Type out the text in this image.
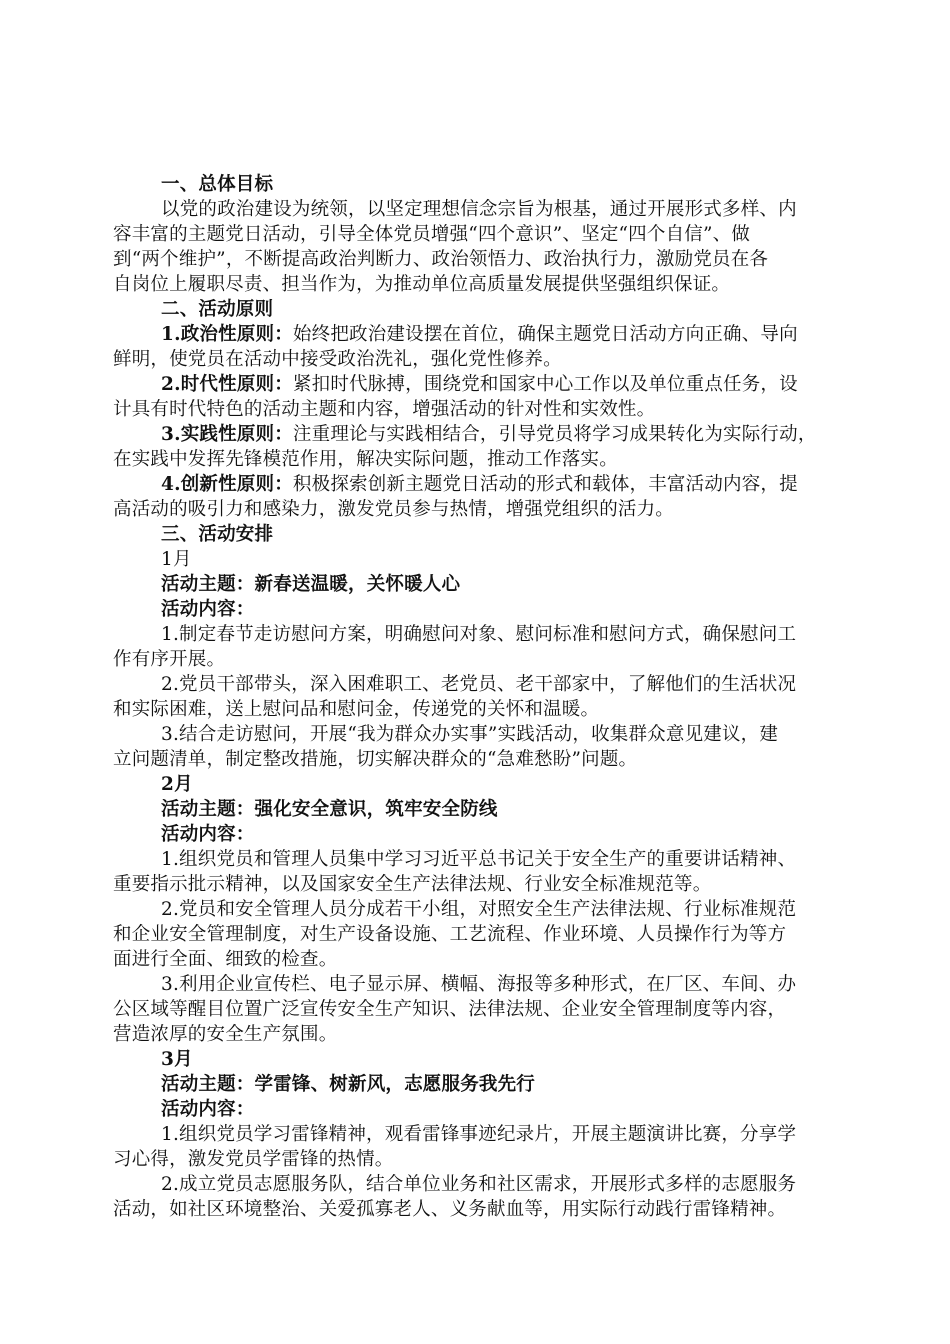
一、总体目标
以党的政治建设为统领，以坚定理想信念宗旨为根基，通过开展形式多样、内
容丰富的主题党日活动，引导全体党员增强“四个意识”、坚定“四个自信”、做
到“两个维护”，不断提高政治判断力、政治领悟力、政治执行力，激励党员在各
自岗位上履职尽责、担当作为，为推动单位高质量发展提供坚强组织保证。
二、活动原则
1.政治性原则：始终把政治建设摆在首位，确保主题党日活动方向正确、导向
鲜明，使党员在活动中接受政治洗礼，强化党性修养。
2.时代性原则：紧扣时代脉搏，围绕党和国家中心工作以及单位重点任务，设
计具有时代特色的活动主题和内容，增强活动的针对性和实效性。
3.实践性原则：注重理论与实践相结合，引导党员将学习成果转化为实际行动，
在实践中发挥先锋模范作用，解决实际问题，推动工作落实。
4.创新性原则：积极探索创新主题党日活动的形式和载体，丰富活动内容，提
高活动的吸引力和感染力，激发党员参与热情，增强党组织的活力。
三、活动安排
1月
活动主题：新春送温暖，关怀暖人心
活动内容：
1.制定春节走访慰问方案，明确慰问对象、慰问标准和慰问方式，确保慰问工
作有序开展。
2.党员干部带头，深入困难职工、老党员、老干部家中，了解他们的生活状况
和实际困难，送上慰问品和慰问金，传递党的关怀和温暖。
3.结合走访慰问，开展“我为群众办实事”实践活动，收集群众意见建议，建
立问题清单，制定整改措施，切实解决群众的“急难愁盼”问题。
2月
活动主题：强化安全意识，筑牢安全防线
活动内容：
1.组织党员和管理人员集中学习习近平总书记关于安全生产的重要讲话精神、
重要指示批示精神，以及国家安全生产法律法规、行业安全标准规范等。
2.党员和安全管理人员分成若干小组，对照安全生产法律法规、行业标准规范
和企业安全管理制度，对生产设备设施、工艺流程、作业环境、人员操作行为等方
面进行全面、细致的检查。
3.利用企业宣传栏、电子显示屏、横幅、海报等多种形式，在厂区、车间、办
公区域等醒目位置广泛宣传安全生产知识、法律法规、企业安全管理制度等内容，
营造浓厚的安全生产氛围。
3月
活动主题：学雷锋、树新风，志愿服务我先行
活动内容：
1.组织党员学习雷锋精神，观看雷锋事迹纪录片，开展主题演讲比赛，分享学
习心得，激发党员学雷锋的热情。
2.成立党员志愿服务队，结合单位业务和社区需求，开展形式多样的志愿服务
活动，如社区环境整治、关爱孤寡老人、义务献血等，用实际行动践行雷锋精神。
